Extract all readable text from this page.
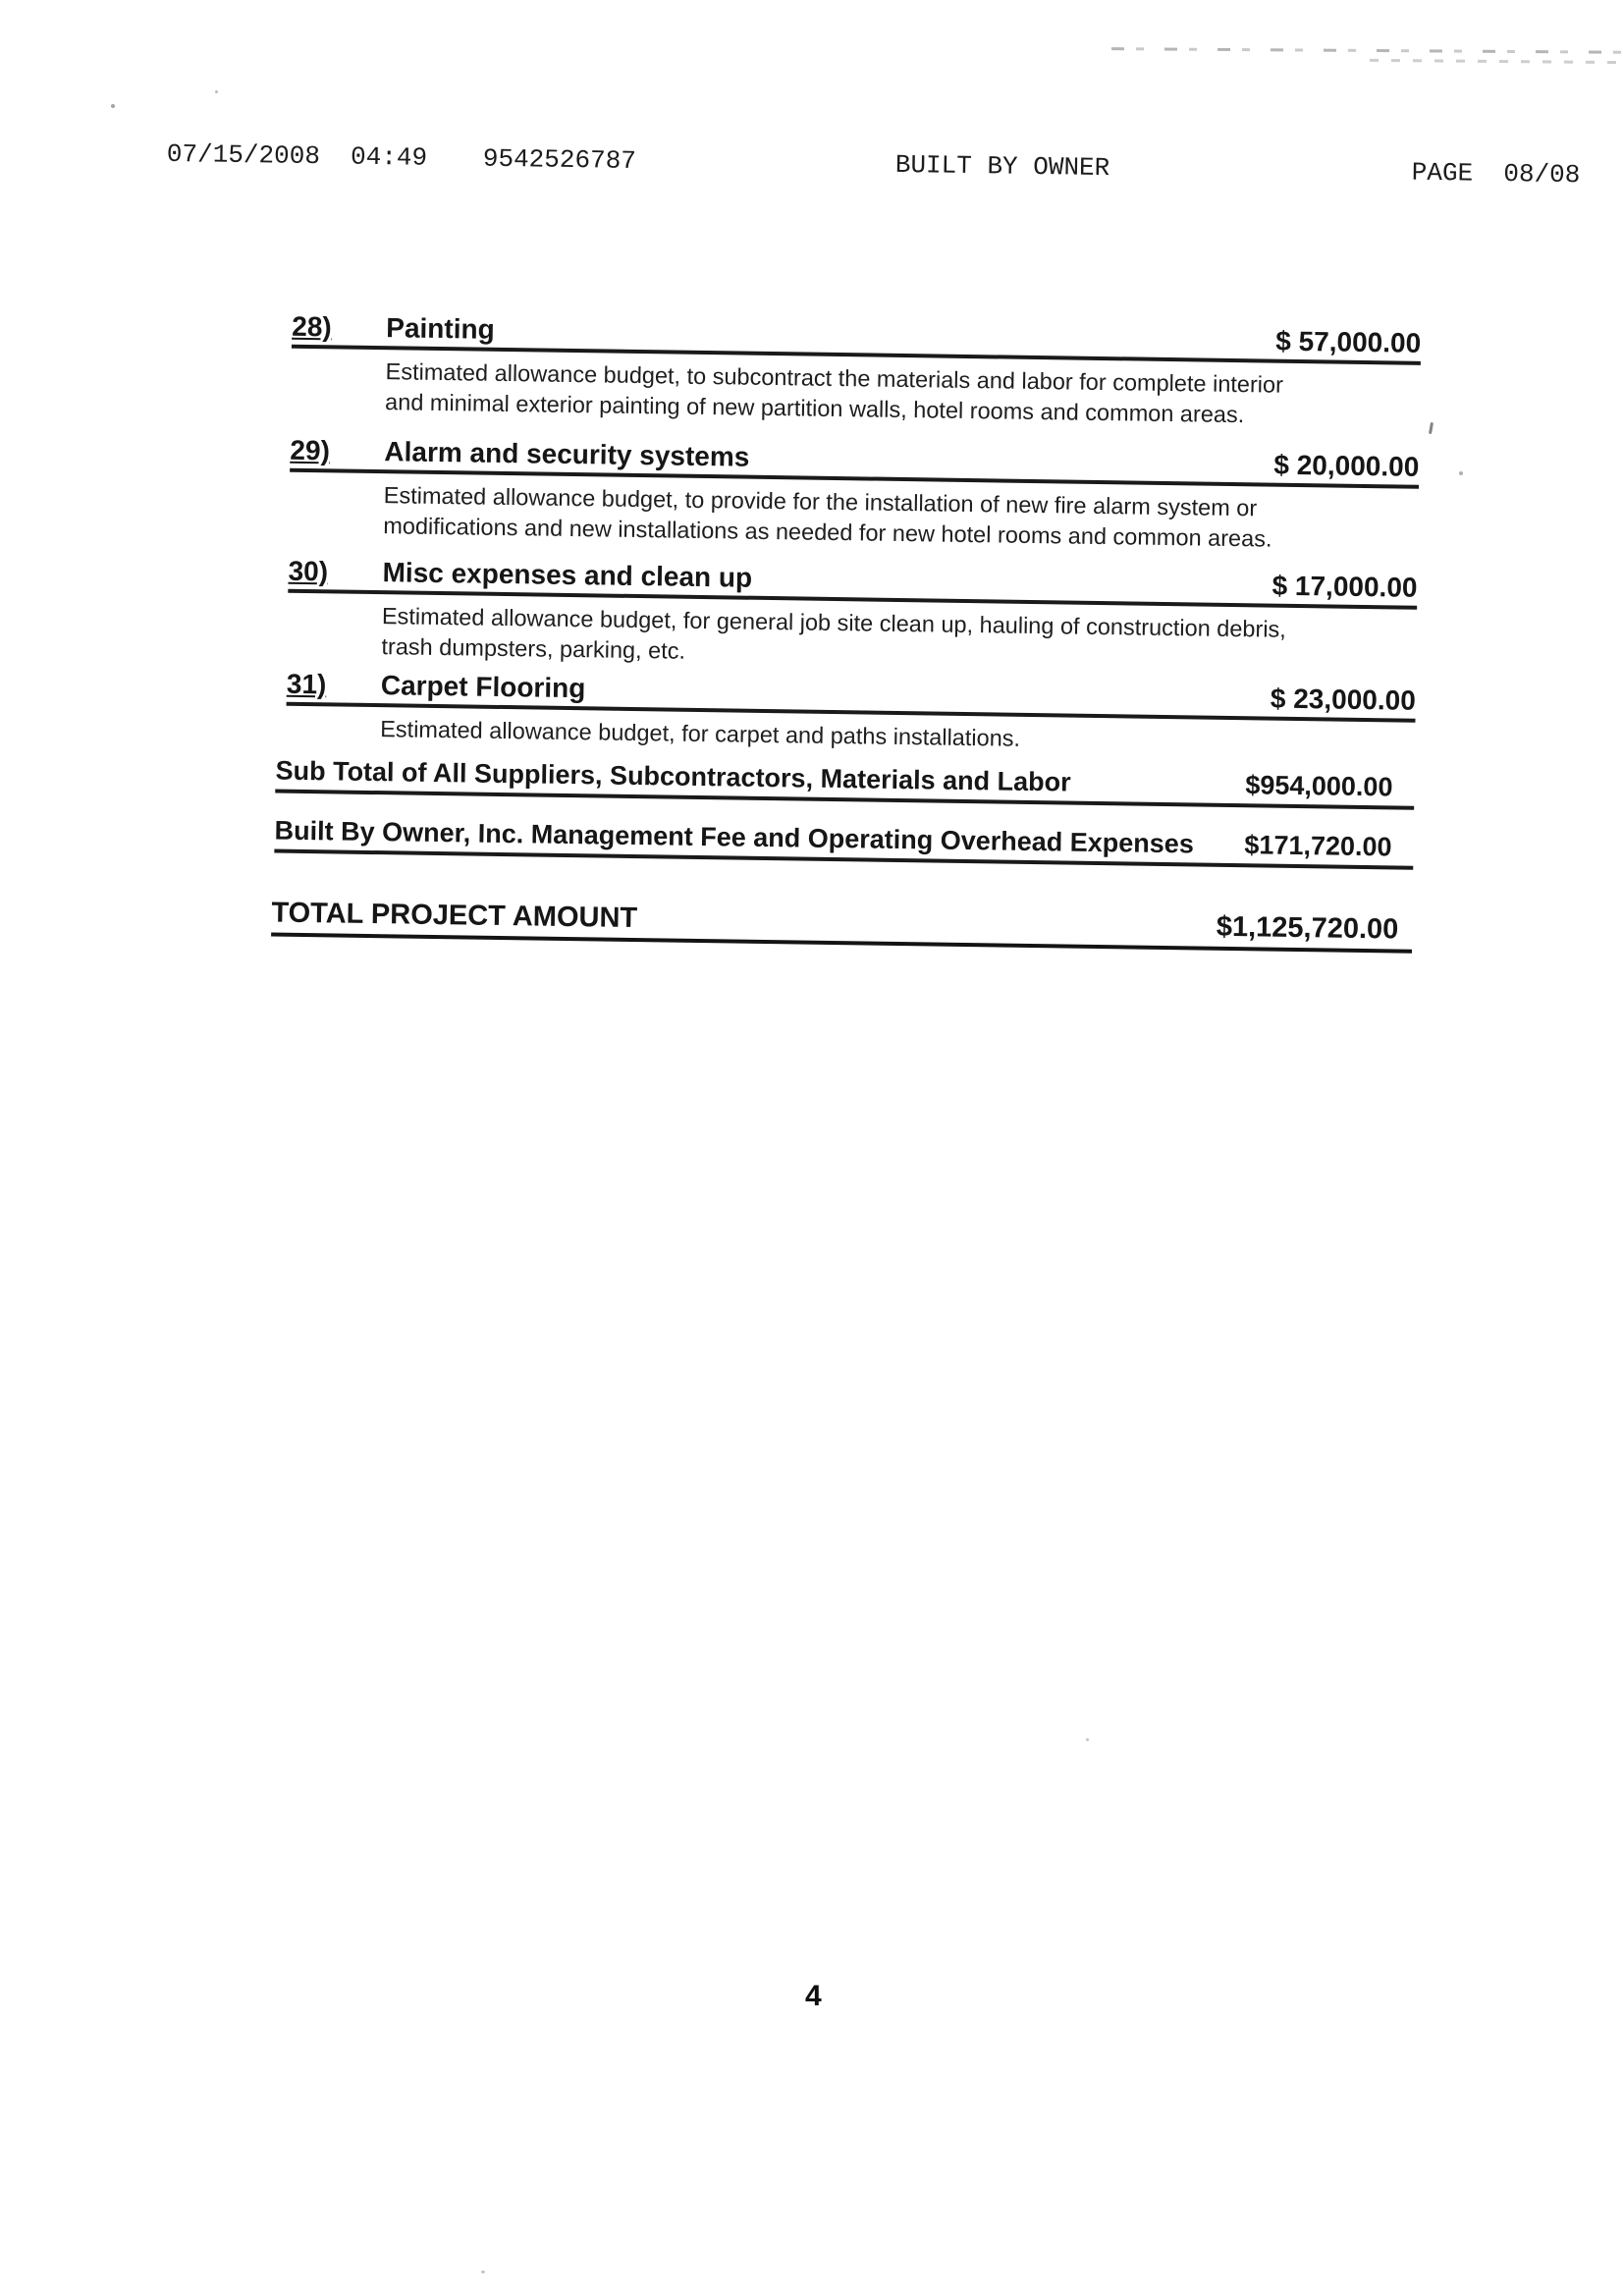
07/15/2008  04:49 9542526787	BUILT BY OWNER	PAGE  08/08
28)	Painting	$ 57,000.00
Estimated allowance budget, to subcontract the materials and labor for complete interior
and minimal exterior painting of new partition walls, hotel rooms and common areas.
29)	Alarm and security systems	$ 20,000.00
Estimated allowance budget, to provide for the installation of new fire alarm system or
modifications and new installations as needed for new hotel rooms and common areas.
30)	Misc expenses and clean up	$ 17,000.00
Estimated allowance budget, for general job site clean up, hauling of construction debris,
trash dumpsters, parking, etc.
31)	Carpet Flooring	$ 23,000.00
Estimated allowance budget, for carpet and paths installations.
Sub Total of All Suppliers, Subcontractors, Materials and Labor	$954,000.00
Built By Owner, Inc. Management Fee and Operating Overhead Expenses $171,720.00
TOTAL PROJECT AMOUNT	$1,125,720.00
4
